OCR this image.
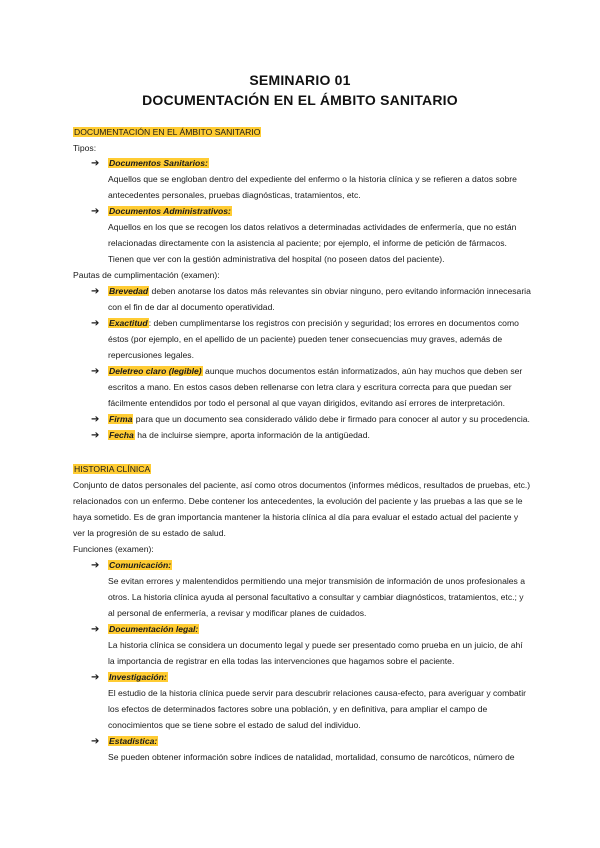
SEMINARIO 01
DOCUMENTACIÓN EN EL ÁMBITO SANITARIO
DOCUMENTACIÓN EN EL ÁMBITO SANITARIO
Tipos:
➔ Documentos Sanitarios:
Aquellos que se engloban dentro del expediente del enfermo o la historia clínica y se refieren a datos sobre
antecedentes personales, pruebas diagnósticas, tratamientos, etc.
➔ Documentos Administrativos:
Aquellos en los que se recogen los datos relativos a determinadas actividades de enfermería, que no están
relacionadas directamente con la asistencia al paciente; por ejemplo, el informe de petición de fármacos.
Tienen que ver con la gestión administrativa del hospital (no poseen datos del paciente).
Pautas de cumplimentación (examen):
➔ Brevedad deben anotarse los datos más relevantes sin obviar ninguno, pero evitando información innecesaria
con el fin de dar al documento operatividad.
➔ Exactitud: deben cumplimentarse los registros con precisión y seguridad; los errores en documentos como
éstos (por ejemplo, en el apellido de un paciente) pueden tener consecuencias muy graves, además de
repercusiones legales.
➔ Deletreo claro (legible) aunque muchos documentos están informatizados, aún hay muchos que deben ser
escritos a mano. En estos casos deben rellenarse con letra clara y escritura correcta para que puedan ser
fácilmente entendidos por todo el personal al que vayan dirigidos, evitando así errores de interpretación.
➔ Firma para que un documento sea considerado válido debe ir firmado para conocer al autor y su procedencia.
➔ Fecha ha de incluirse siempre, aporta información de la antigüedad.
HISTORIA CLÍNICA
Conjunto de datos personales del paciente, así como otros documentos (informes médicos, resultados de pruebas, etc.)
relacionados con un enfermo. Debe contener los antecedentes, la evolución del paciente y las pruebas a las que se le
haya sometido. Es de gran importancia mantener la historia clínica al día para evaluar el estado actual del paciente y
ver la progresión de su estado de salud.
Funciones (examen):
➔ Comunicación:
Se evitan errores y malentendidos permitiendo una mejor transmisión de información de unos profesionales a
otros. La historia clínica ayuda al personal facultativo a consultar y cambiar diagnósticos, tratamientos, etc.; y
al personal de enfermería, a revisar y modificar planes de cuidados.
➔ Documentación legal:
La historia clínica se considera un documento legal y puede ser presentado como prueba en un juicio, de ahí
la importancia de registrar en ella todas las intervenciones que hagamos sobre el paciente.
➔ Investigación:
El estudio de la historia clínica puede servir para descubrir relaciones causa-efecto, para averiguar y combatir
los efectos de determinados factores sobre una población, y en definitiva, para ampliar el campo de
conocimientos que se tiene sobre el estado de salud del individuo.
➔ Estadística:
Se pueden obtener información sobre índices de natalidad, mortalidad, consumo de narcóticos, número de
